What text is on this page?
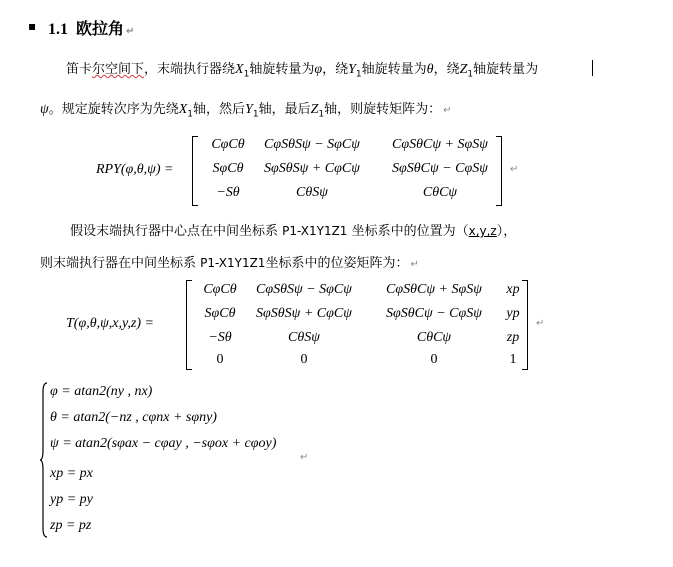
▪ 1.1 欧拉角 ↵
笛卡尔空间下，末端执行器绕$X_1$轴旋转量为φ，绕$Y_1$轴旋转量为θ，绕$Z_1$轴旋转量为
ψ。规定旋转次序为先绕$X_1$轴，然后$Y_1$轴，最后$Z_1$轴，则旋转矩阵为： ↵
RPY(φ,θ,ψ) =
CφCθ	CφSθSψ − SφCψ	CφSθCψ + SφSψ
SφCθ	SφSθSψ + CφCψ	SφSθCψ − CφSψ
−Sθ	CθSψ	CθCψ
↵
假设末端执行器中心点在中间坐标系 P1-X1Y1Z1 坐标系中的位置为（x,y,z），
则末端执行器在中间坐标系 P1-X1Y1Z1坐标系中的位姿矩阵为： ↵
T(φ,θ,ψ,x,y,z) =
CφCθ	CφSθSψ − SφCψ	CφSθCψ + SφSψ	xp
SφCθ	SφSθSψ + CφCψ	SφSθCψ − CφSψ	yp
−Sθ	CθSψ	CθCψ	zp
0	0	0	1
↵
φ = atan2(ny , nx)
θ = atan2(−nz , cφnx + sφny)
ψ = atan2(sφax − cφay , −sφox + cφoy)
xp = px
yp = py
zp = pz
↵
